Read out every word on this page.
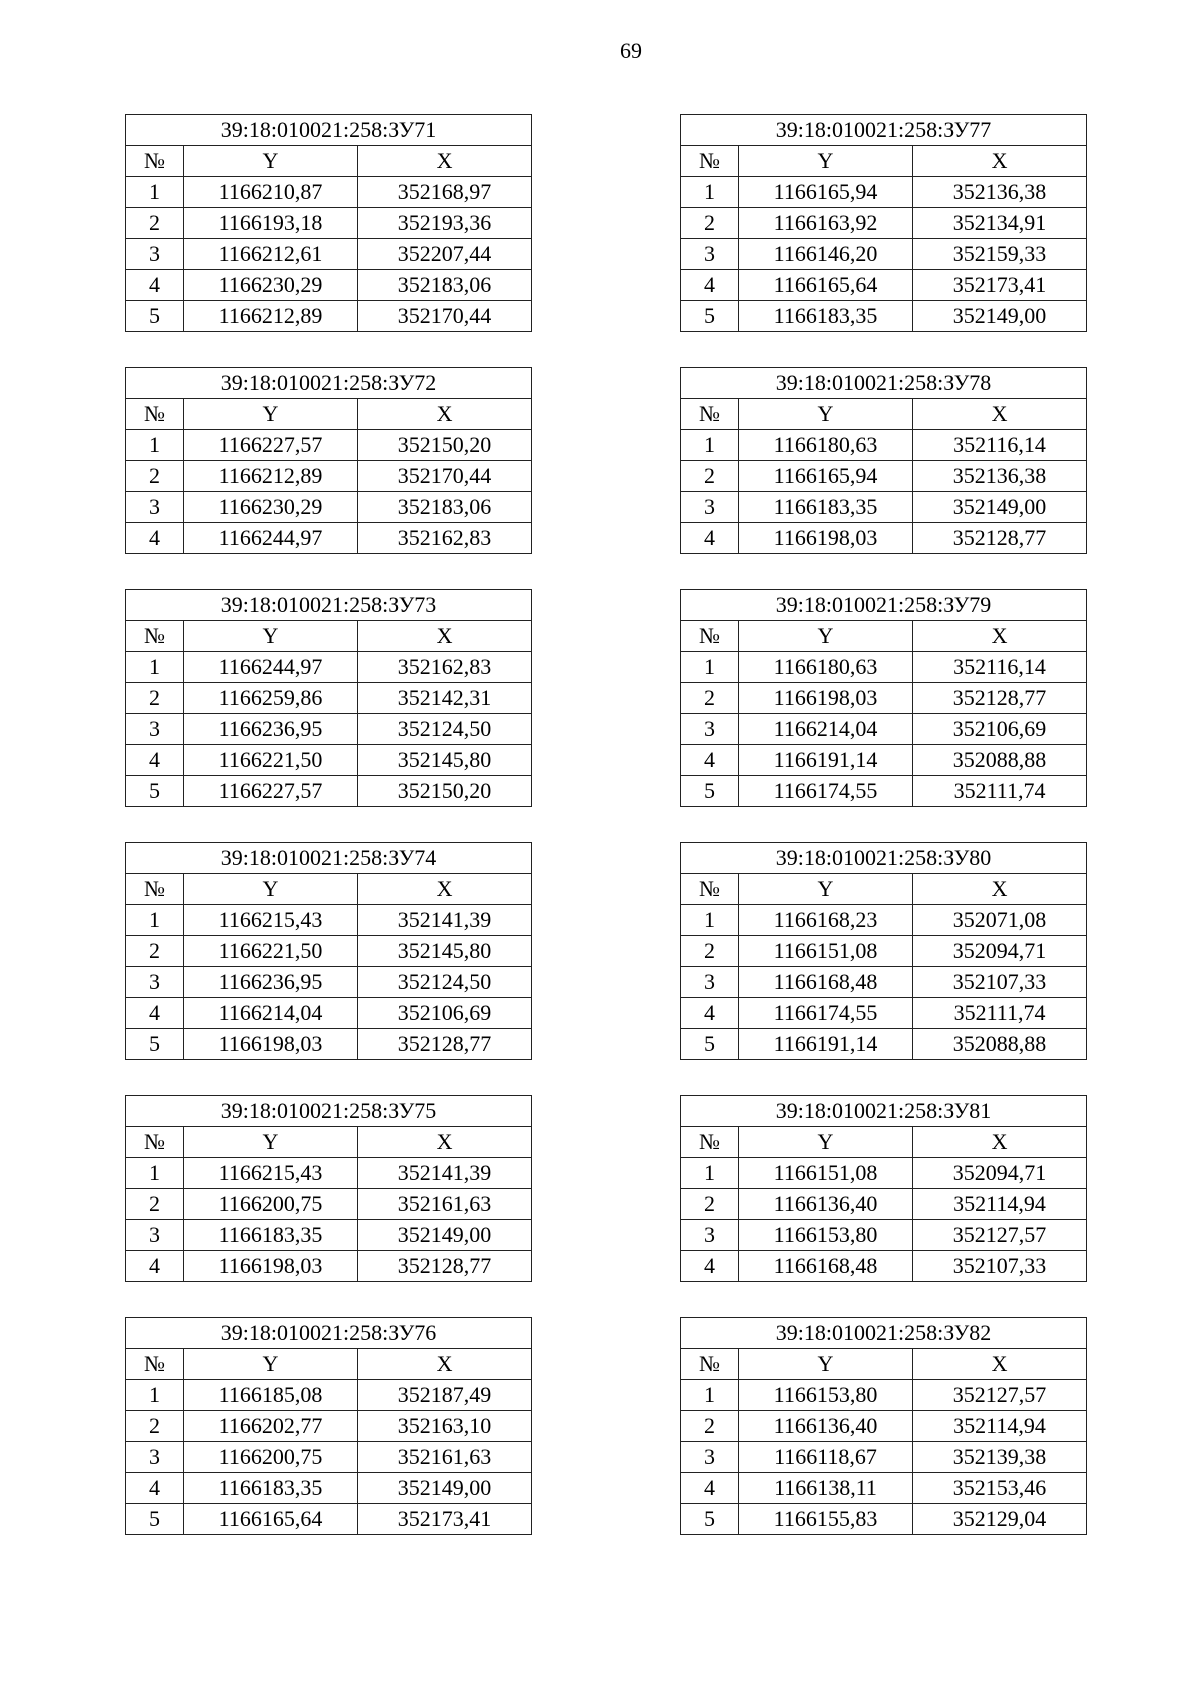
69
39:18:010021:258:ЗУ71		
№	Y	X
1	1166210,87	352168,97
2	1166193,18	352193,36
3	1166212,61	352207,44
4	1166230,29	352183,06
5	1166212,89	352170,44
39:18:010021:258:ЗУ72		
№	Y	X
1	1166227,57	352150,20
2	1166212,89	352170,44
3	1166230,29	352183,06
4	1166244,97	352162,83
39:18:010021:258:ЗУ73		
№	Y	X
1	1166244,97	352162,83
2	1166259,86	352142,31
3	1166236,95	352124,50
4	1166221,50	352145,80
5	1166227,57	352150,20
39:18:010021:258:ЗУ74		
№	Y	X
1	1166215,43	352141,39
2	1166221,50	352145,80
3	1166236,95	352124,50
4	1166214,04	352106,69
5	1166198,03	352128,77
39:18:010021:258:ЗУ75		
№	Y	X
1	1166215,43	352141,39
2	1166200,75	352161,63
3	1166183,35	352149,00
4	1166198,03	352128,77
39:18:010021:258:ЗУ76		
№	Y	X
1	1166185,08	352187,49
2	1166202,77	352163,10
3	1166200,75	352161,63
4	1166183,35	352149,00
5	1166165,64	352173,41
39:18:010021:258:ЗУ77		
№	Y	X
1	1166165,94	352136,38
2	1166163,92	352134,91
3	1166146,20	352159,33
4	1166165,64	352173,41
5	1166183,35	352149,00
39:18:010021:258:ЗУ78		
№	Y	X
1	1166180,63	352116,14
2	1166165,94	352136,38
3	1166183,35	352149,00
4	1166198,03	352128,77
39:18:010021:258:ЗУ79		
№	Y	X
1	1166180,63	352116,14
2	1166198,03	352128,77
3	1166214,04	352106,69
4	1166191,14	352088,88
5	1166174,55	352111,74
39:18:010021:258:ЗУ80		
№	Y	X
1	1166168,23	352071,08
2	1166151,08	352094,71
3	1166168,48	352107,33
4	1166174,55	352111,74
5	1166191,14	352088,88
39:18:010021:258:ЗУ81		
№	Y	X
1	1166151,08	352094,71
2	1166136,40	352114,94
3	1166153,80	352127,57
4	1166168,48	352107,33
39:18:010021:258:ЗУ82		
№	Y	X
1	1166153,80	352127,57
2	1166136,40	352114,94
3	1166118,67	352139,38
4	1166138,11	352153,46
5	1166155,83	352129,04
